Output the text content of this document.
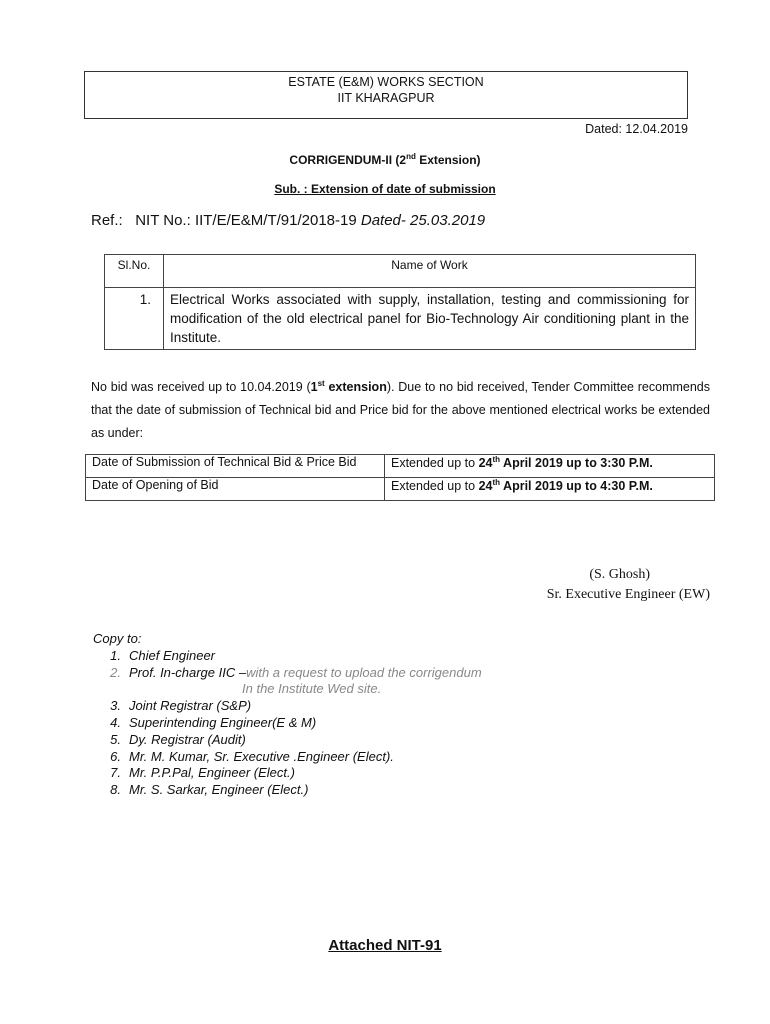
ESTATE (E&M) WORKS SECTION
IIT KHARAGPUR
Dated: 12.04.2019
CORRIGENDUM-II (2nd Extension)
Sub. : Extension of date of submission
Ref.: NIT No.: IIT/E/E&M/T/91/2018-19 Dated- 25.03.2019
Sl.No.	Name of Work
1.	Electrical Works associated with supply, installation, testing and commissioning for modification of the old electrical panel for Bio-Technology Air conditioning plant in the Institute.
No bid was received up to 10.04.2019 (1st extension). Due to no bid received, Tender Committee recommends that the date of submission of Technical bid and Price bid for the above mentioned electrical works be extended as under:
Date of Submission of Technical Bid & Price Bid	Extended up to 24th April 2019 up to 3:30 P.M.
Date of Opening of Bid	Extended up to 24th April 2019 up to 4:30 P.M.
(S. Ghosh)
Sr. Executive Engineer (EW)
Copy to:
1. Chief Engineer
2. Prof. In-charge IIC – with a request to upload the corrigendum
In the Institute Wed site.
3. Joint Registrar (S&P)
4. Superintending Engineer(E & M)
5. Dy. Registrar (Audit)
6. Mr. M. Kumar, Sr. Executive .Engineer (Elect).
7. Mr. P.P.Pal, Engineer (Elect.)
8. Mr. S. Sarkar, Engineer (Elect.)
Attached NIT-91
